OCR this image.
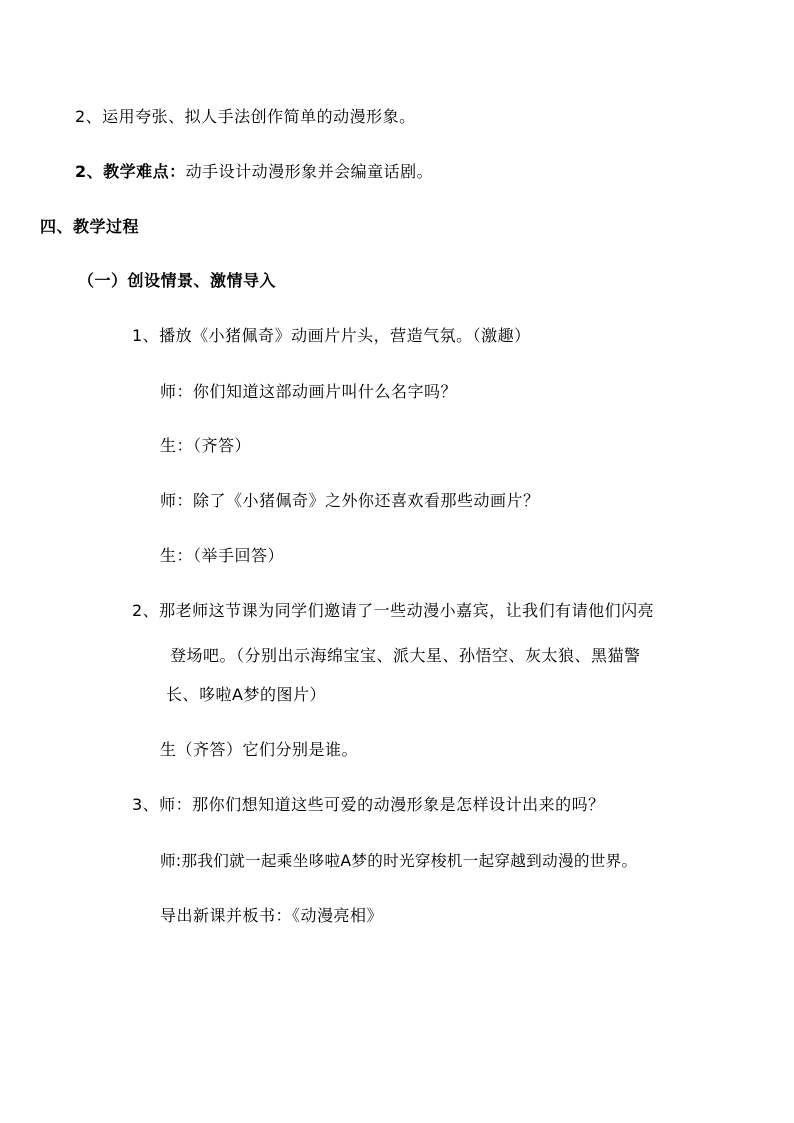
2、运用夸张、拟人手法创作简单的动漫形象。
2、教学难点：动手设计动漫形象并会编童话剧。
四、教学过程
（一）创设情景、激情导入
1、播放《小猪佩奇》动画片片头，营造气氛。（激趣）
师：你们知道这部动画片叫什么名字吗？
生：（齐答）
师：除了《小猪佩奇》之外你还喜欢看那些动画片？
生：（举手回答）
2、那老师这节课为同学们邀请了一些动漫小嘉宾，让我们有请他们闪亮
登场吧。（分别出示海绵宝宝、派大星、孙悟空、灰太狼、黑猫警
长、哆啦A梦的图片）
生（齐答）它们分别是谁。
3、师：那你们想知道这些可爱的动漫形象是怎样设计出来的吗？
师:那我们就一起乘坐哆啦A梦的时光穿梭机一起穿越到动漫的世界。
导出新课并板书：《动漫亮相》
